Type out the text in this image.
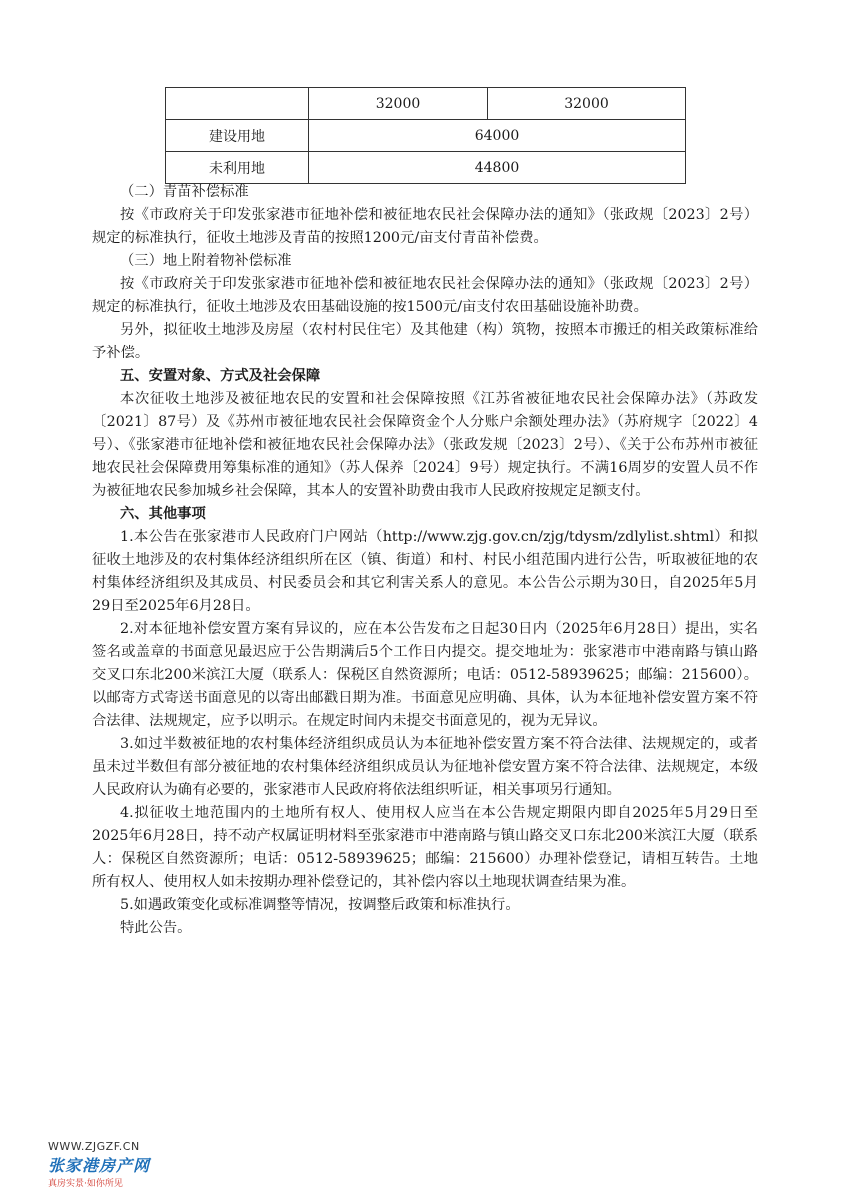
	32000	32000
建设用地	64000	
未利用地	44800	

（二）青苗补偿标准

按《市政府关于印发张家港市征地补偿和被征地农民社会保障办法的通知》（张政规〔2023〕2号）规定的标准执行，征收土地涉及青苗的按照1200元/亩支付青苗补偿费。

（三）地上附着物补偿标准

按《市政府关于印发张家港市征地补偿和被征地农民社会保障办法的通知》（张政规〔2023〕2号）规定的标准执行，征收土地涉及农田基础设施的按1500元/亩支付农田基础设施补助费。

另外，拟征收土地涉及房屋（农村村民住宅）及其他建（构）筑物，按照本市搬迁的相关政策标准给予补偿。

五、安置对象、方式及社会保障

本次征收土地涉及被征地农民的安置和社会保障按照《江苏省被征地农民社会保障办法》（苏政发〔2021〕87号）及《苏州市被征地农民社会保障资金个人分账户余额处理办法》（苏府规字〔2022〕4号）、《张家港市征地补偿和被征地农民社会保障办法》（张政发规〔2023〕2号）、《关于公布苏州市被征地农民社会保障费用筹集标准的通知》（苏人保养〔2024〕9号）规定执行。不满16周岁的安置人员不作为被征地农民参加城乡社会保障，其本人的安置补助费由我市人民政府按规定足额支付。

六、其他事项

1.本公告在张家港市人民政府门户网站（http://www.zjg.gov.cn/zjg/tdysm/zdlylist.shtml）和拟征收土地涉及的农村集体经济组织所在区（镇、街道）和村、村民小组范围内进行公告，听取被征地的农村集体经济组织及其成员、村民委员会和其它利害关系人的意见。本公告公示期为30日，自2025年5月29日至2025年6月28日。

2.对本征地补偿安置方案有异议的，应在本公告发布之日起30日内（2025年6月28日）提出，实名签名或盖章的书面意见最迟应于公告期满后5个工作日内提交。提交地址为：张家港市中港南路与镇山路交叉口东北200米滨江大厦（联系人：保税区自然资源所；电话：0512-58939625；邮编：215600）。以邮寄方式寄送书面意见的以寄出邮戳日期为准。书面意见应明确、具体，认为本征地补偿安置方案不符合法律、法规规定，应予以明示。在规定时间内未提交书面意见的，视为无异议。

3.如过半数被征地的农村集体经济组织成员认为本征地补偿安置方案不符合法律、法规规定的，或者虽未过半数但有部分被征地的农村集体经济组织成员认为征地补偿安置方案不符合法律、法规规定，本级人民政府认为确有必要的，张家港市人民政府将依法组织听证，相关事项另行通知。

4.拟征收土地范围内的土地所有权人、使用权人应当在本公告规定期限内即自2025年5月29日至2025年6月28日，持不动产权属证明材料至张家港市中港南路与镇山路交叉口东北200米滨江大厦（联系人：保税区自然资源所；电话：0512-58939625；邮编：215600）办理补偿登记，请相互转告。土地所有权人、使用权人如未按期办理补偿登记的，其补偿内容以土地现状调查结果为准。

5.如遇政策变化或标准调整等情况，按调整后政策和标准执行。

特此公告。

WWW.ZJGZF.CN
张家港房产网
真房实景·如你所见
